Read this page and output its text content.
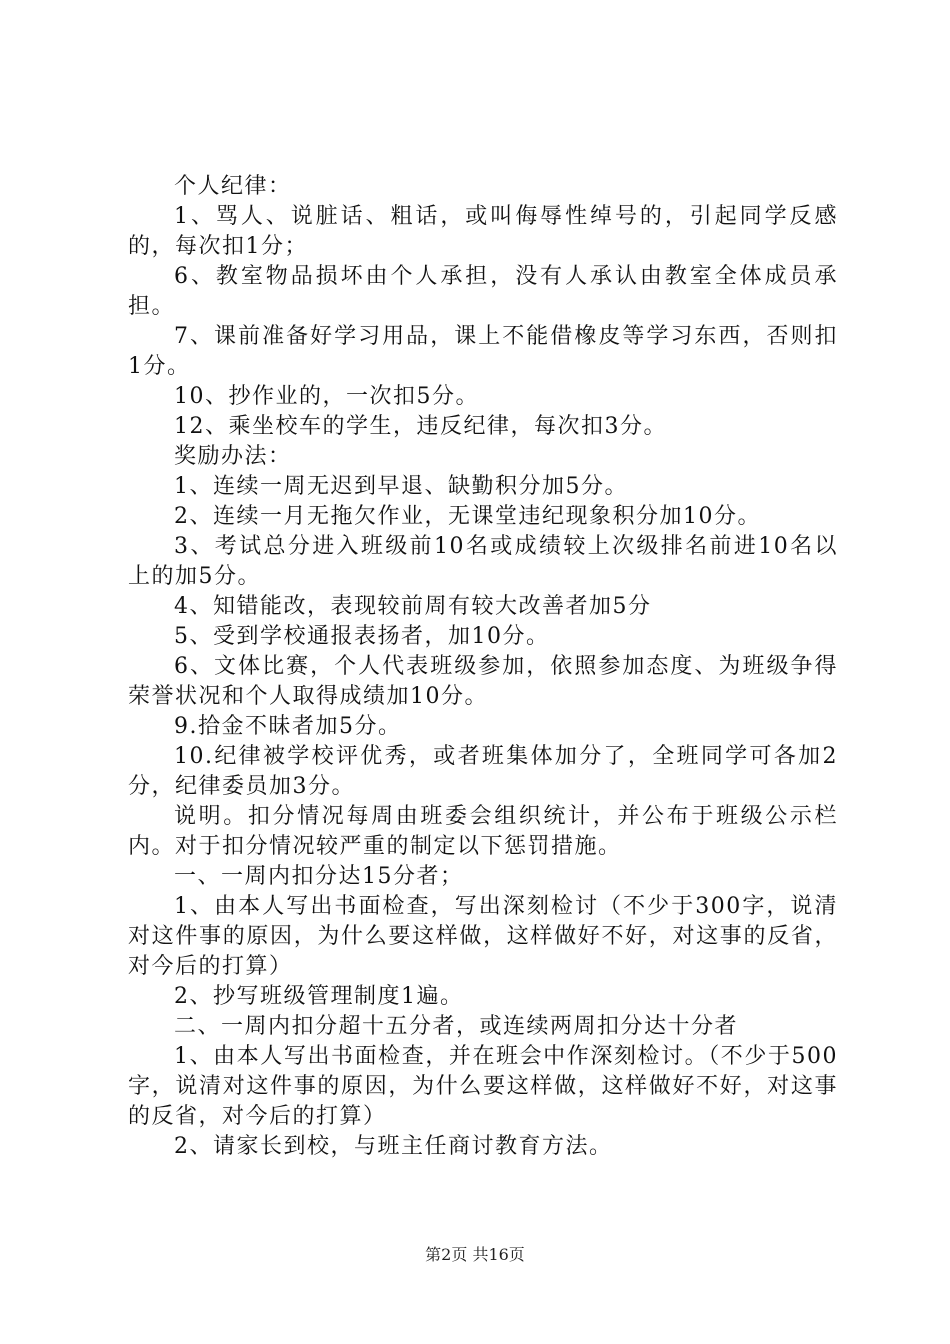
个人纪律：

1、骂人、说脏话、粗话，或叫侮辱性绰号的，引起同学反感的，每次扣1分；

6、教室物品损坏由个人承担，没有人承认由教室全体成员承担。

7、课前准备好学习用品，课上不能借橡皮等学习东西，否则扣1分。

10、抄作业的，一次扣5分。

12、乘坐校车的学生，违反纪律，每次扣3分。

奖励办法：

1、连续一周无迟到早退、缺勤积分加5分。

2、连续一月无拖欠作业，无课堂违纪现象积分加10分。

3、考试总分进入班级前10名或成绩较上次级排名前进10名以上的加5分。

4、知错能改，表现较前周有较大改善者加5分

5、受到学校通报表扬者，加10分。

6、文体比赛，个人代表班级参加，依照参加态度、为班级争得荣誉状况和个人取得成绩加10分。

9.拾金不昧者加5分。

10.纪律被学校评优秀，或者班集体加分了，全班同学可各加2分，纪律委员加3分。

说明。扣分情况每周由班委会组织统计，并公布于班级公示栏内。对于扣分情况较严重的制定以下惩罚措施。

一、一周内扣分达15分者；

1、由本人写出书面检查，写出深刻检讨（不少于300字，说清对这件事的原因，为什么要这样做，这样做好不好，对这事的反省，对今后的打算）

2、抄写班级管理制度1遍。

二、一周内扣分超十五分者，或连续两周扣分达十分者

1、由本人写出书面检查，并在班会中作深刻检讨。（不少于500字，说清对这件事的原因，为什么要这样做，这样做好不好，对这事的反省，对今后的打算）

2、请家长到校，与班主任商讨教育方法。

第2页 共16页
